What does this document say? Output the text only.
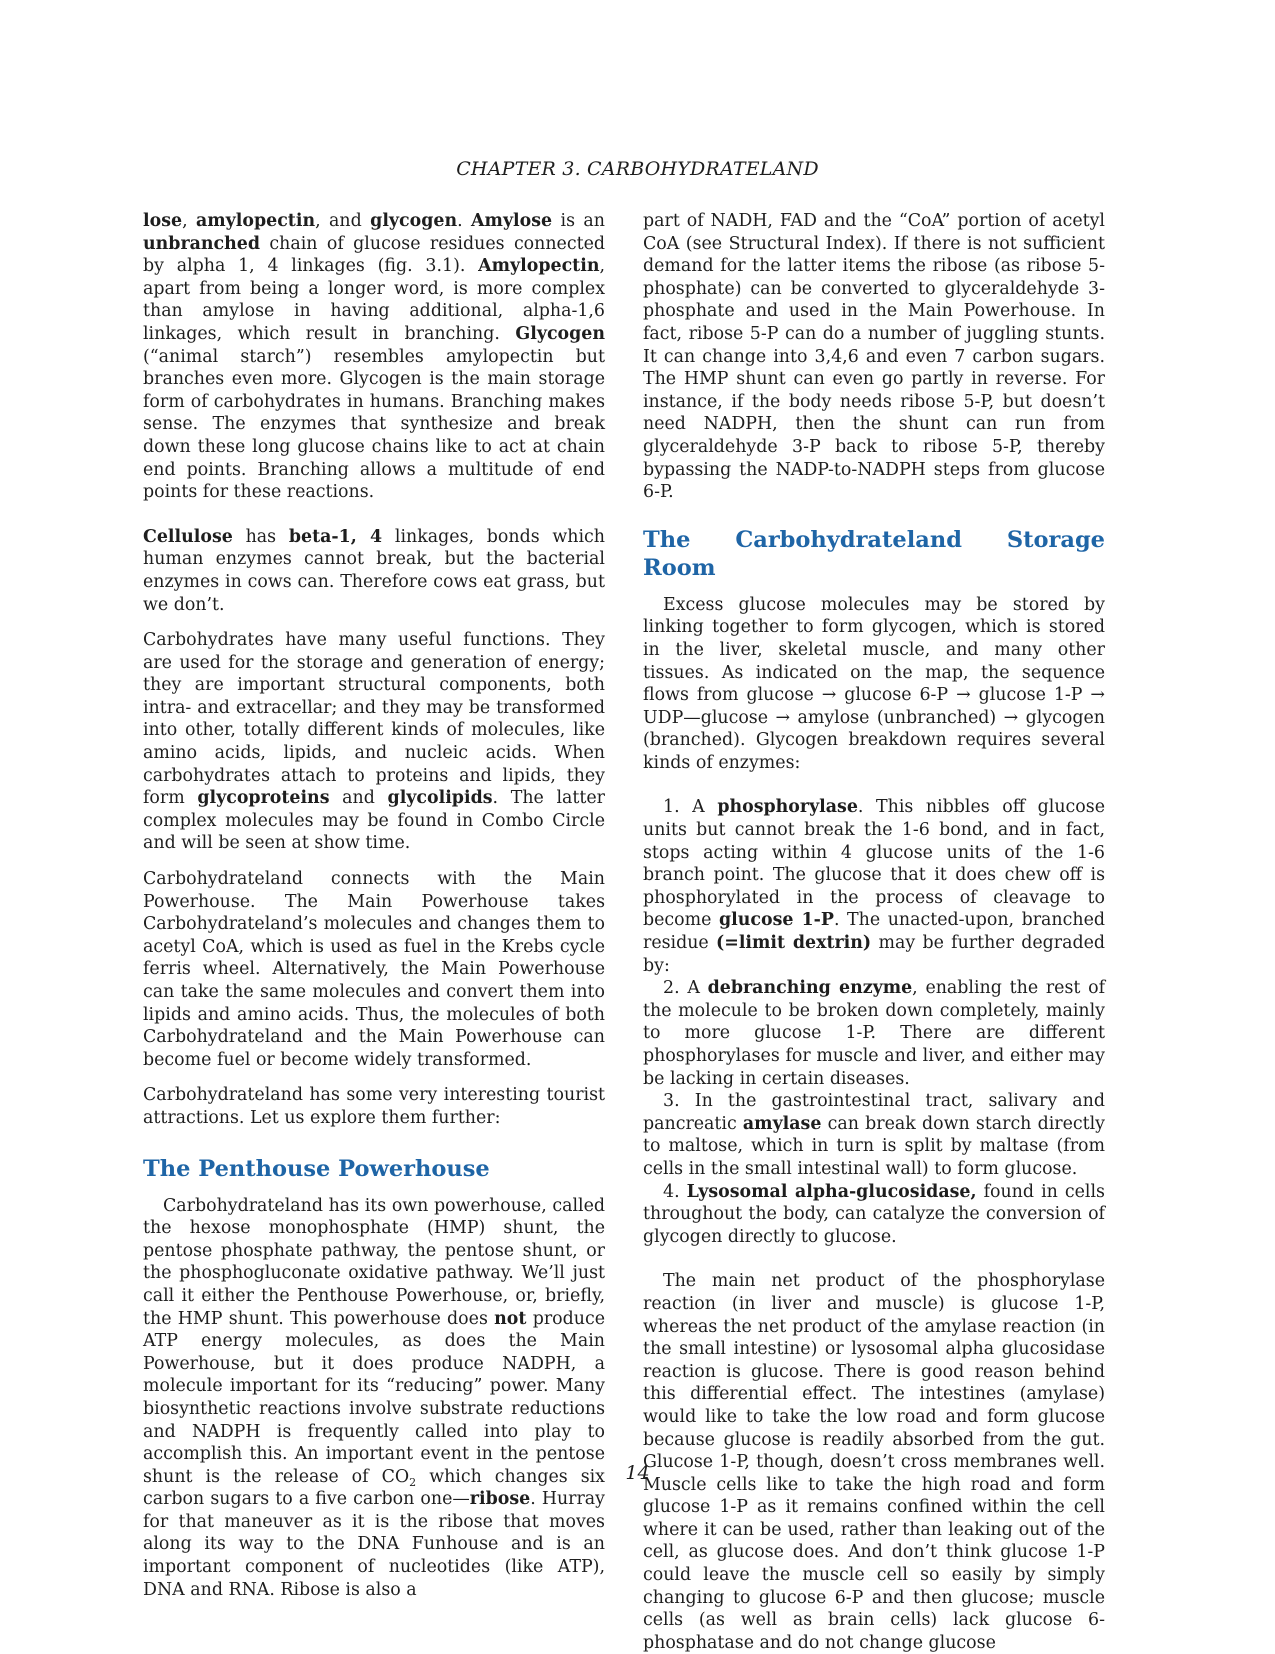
CHAPTER 3. CARBOHYDRATELAND

lose, amylopectin, and glycogen. Amylose is an unbranched chain of glucose residues connected by alpha 1, 4 linkages (fig. 3.1). Amylopectin, apart from being a longer word, is more complex than amylose in having additional, alpha-1,6 linkages, which result in branching. Glycogen (“animal starch”) resembles amylopectin but branches even more. Glycogen is the main storage form of carbohydrates in humans. Branching makes sense. The enzymes that synthesize and break down these long glucose chains like to act at chain end points. Branching allows a multitude of end points for these reactions.

Cellulose has beta-1, 4 linkages, bonds which human enzymes cannot break, but the bacterial enzymes in cows can. Therefore cows eat grass, but we don’t.

Carbohydrates have many useful functions. They are used for the storage and generation of energy; they are important structural components, both intra- and extracellar; and they may be transformed into other, totally different kinds of molecules, like amino acids, lipids, and nucleic acids. When carbohydrates attach to proteins and lipids, they form glycoproteins and glycolipids. The latter complex molecules may be found in Combo Circle and will be seen at show time.

Carbohydrateland connects with the Main Powerhouse. The Main Powerhouse takes Carbohydrateland’s molecules and changes them to acetyl CoA, which is used as fuel in the Krebs cycle ferris wheel. Alternatively, the Main Powerhouse can take the same molecules and convert them into lipids and amino acids. Thus, the molecules of both Carbohydrateland and the Main Powerhouse can become fuel or become widely transformed.

Carbohydrateland has some very interesting tourist attractions. Let us explore them further:

The Penthouse Powerhouse

Carbohydrateland has its own powerhouse, called the hexose monophosphate (HMP) shunt, the pentose phosphate pathway, the pentose shunt, or the phosphogluconate oxidative pathway. We’ll just call it either the Penthouse Powerhouse, or, briefly, the HMP shunt. This powerhouse does not produce ATP energy molecules, as does the Main Powerhouse, but it does produce NADPH, a molecule important for its “reducing” power. Many biosynthetic reactions involve substrate reductions and NADPH is frequently called into play to accomplish this. An important event in the pentose shunt is the release of $CO_2$ which changes six carbon sugars to a five carbon one—ribose. Hurray for that maneuver as it is the ribose that moves along its way to the DNA Funhouse and is an important component of nucleotides (like ATP), DNA and RNA. Ribose is also a

part of NADH, FAD and the “CoA” portion of acetyl CoA (see Structural Index). If there is not sufficient demand for the latter items the ribose (as ribose 5-phosphate) can be converted to glyceraldehyde 3-phosphate and used in the Main Powerhouse. In fact, ribose 5-P can do a number of juggling stunts. It can change into 3,4,6 and even 7 carbon sugars. The HMP shunt can even go partly in reverse. For instance, if the body needs ribose 5-P, but doesn’t need NADPH, then the shunt can run from glyceraldehyde 3-P back to ribose 5-P, thereby bypassing the NADP-to-NADPH steps from glucose 6-P.

The Carbohydrateland Storage Room

Excess glucose molecules may be stored by linking together to form glycogen, which is stored in the liver, skeletal muscle, and many other tissues. As indicated on the map, the sequence flows from glucose → glucose 6-P → glucose 1-P → UDP—glucose → amylose (unbranched) → glycogen (branched). Glycogen breakdown requires several kinds of enzymes:

1. A phosphorylase. This nibbles off glucose units but cannot break the 1-6 bond, and in fact, stops acting within 4 glucose units of the 1-6 branch point. The glucose that it does chew off is phosphorylated in the process of cleavage to become glucose 1-P. The unacted-upon, branched residue (=limit dextrin) may be further degraded by:

2. A debranching enzyme, enabling the rest of the molecule to be broken down completely, mainly to more glucose 1-P. There are different phosphorylases for muscle and liver, and either may be lacking in certain diseases.

3. In the gastrointestinal tract, salivary and pancreatic amylase can break down starch directly to maltose, which in turn is split by maltase (from cells in the small intestinal wall) to form glucose.

4. Lysosomal alpha-glucosidase, found in cells throughout the body, can catalyze the conversion of glycogen directly to glucose.

The main net product of the phosphorylase reaction (in liver and muscle) is glucose 1-P, whereas the net product of the amylase reaction (in the small intestine) or lysosomal alpha glucosidase reaction is glucose. There is good reason behind this differential effect. The intestines (amylase) would like to take the low road and form glucose because glucose is readily absorbed from the gut. Glucose 1-P, though, doesn’t cross membranes well. Muscle cells like to take the high road and form glucose 1-P as it remains confined within the cell where it can be used, rather than leaking out of the cell, as glucose does. And don’t think glucose 1-P could leave the muscle cell so easily by simply changing to glucose 6-P and then glucose; muscle cells (as well as brain cells) lack glucose 6-phosphatase and do not change glucose

14
